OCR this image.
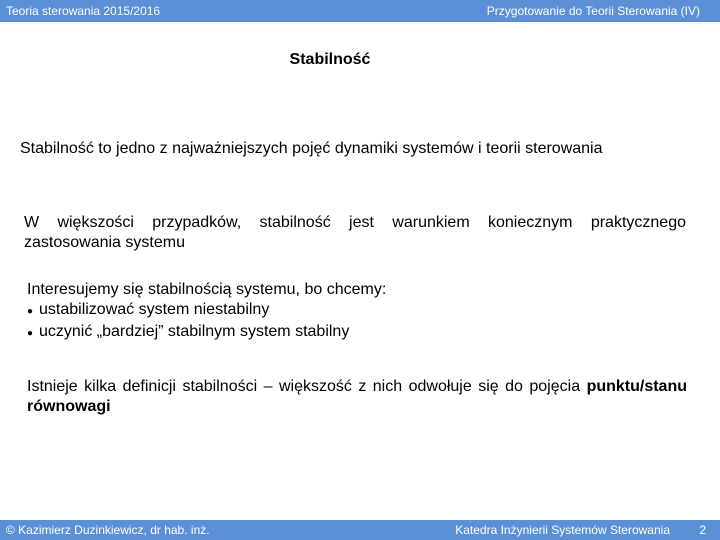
Teoria sterowania 2015/2016	Przygotowanie do Teorii Sterowania (IV)
Stabilność
Stabilność to jedno z najważniejszych pojęć dynamiki systemów i teorii sterowania
W większości przypadków, stabilność jest warunkiem koniecznym praktycznego zastosowania systemu
Interesujemy się stabilnością systemu, bo chcemy:
● ustabilizować system niestabilny
● uczynić „bardziej” stabilnym system stabilny
Istnieje kilka definicji stabilności – większość z nich odwołuje się do pojęcia punktu/stanu równowagi
© Kazimierz Duzinkiewicz, dr hab. inż.	Katedra Inżynierii Systemów Sterowania 2
